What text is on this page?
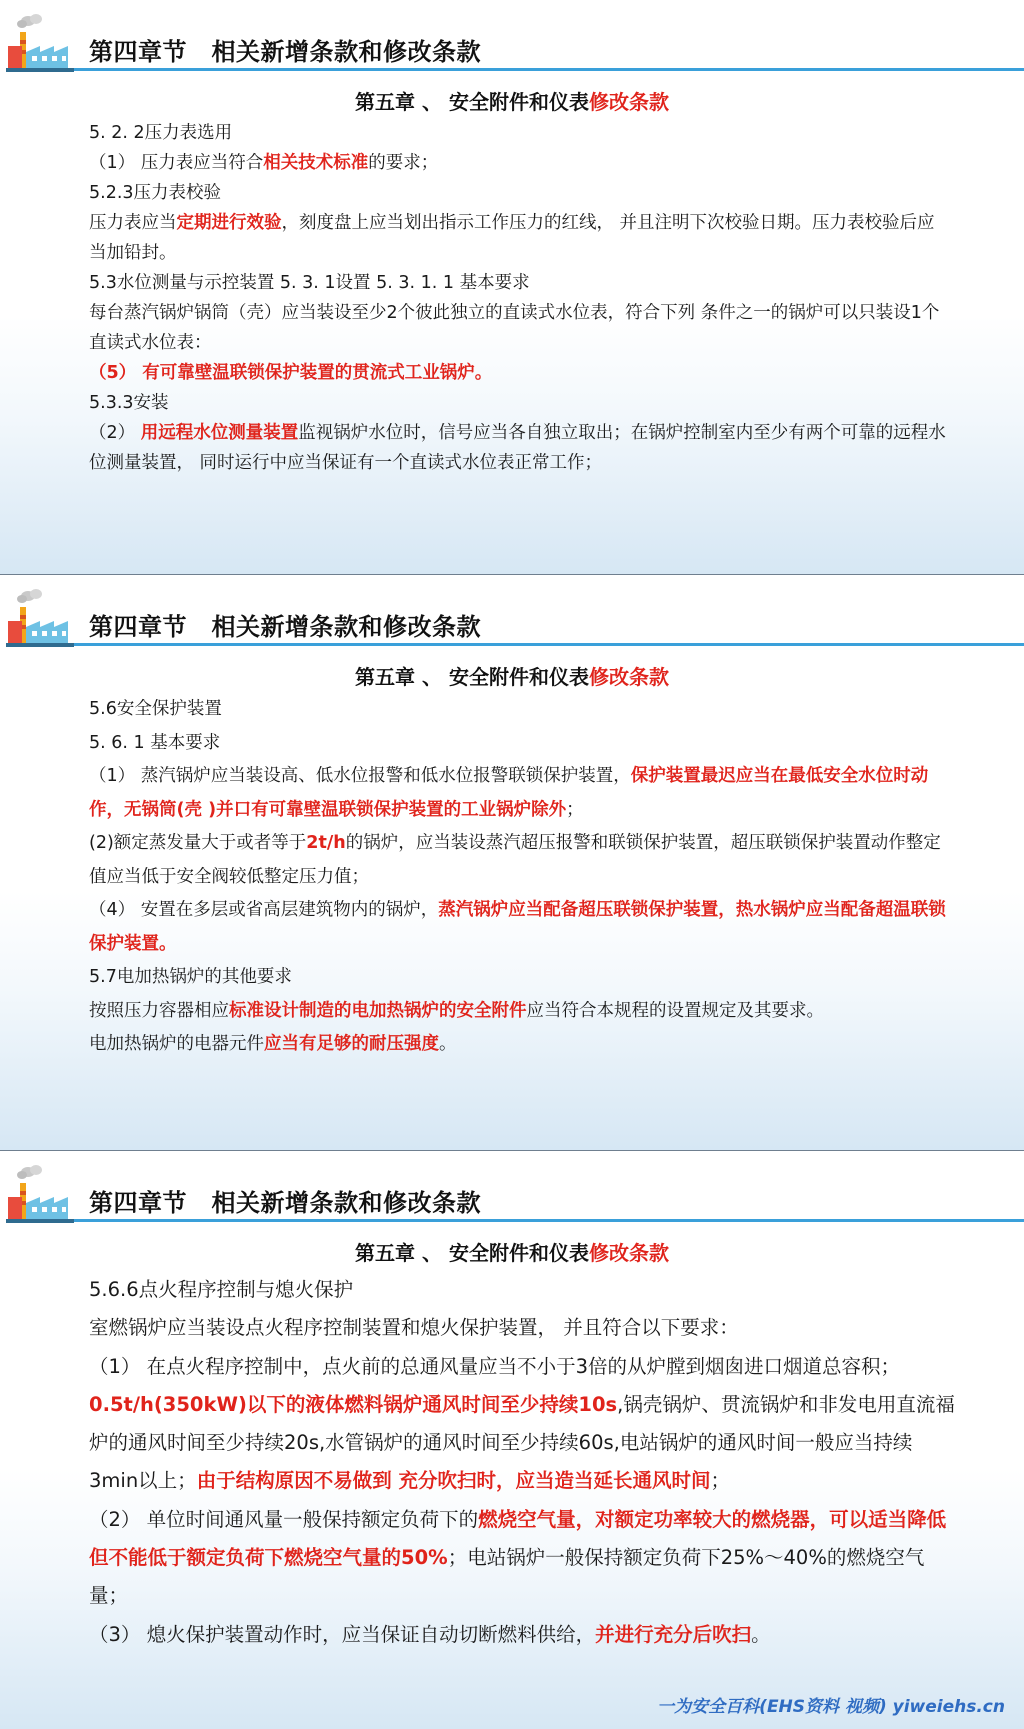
第四章节　相关新增条款和修改条款
第五章 、 安全附件和仪表修改条款

5. 2. 2压力表选用

（1） 压力表应当符合相关技术标准的要求；

5.2.3压力表校验

压力表应当定期进行效验，刻度盘上应当划出指示工作压力的红线， 并且注明下次校验日期。压力表校验后应当加铅封。

5.3水位测量与示控装置 5. 3. 1设置 5. 3. 1. 1 基本要求

每台蒸汽锅炉锅筒（壳）应当装设至少2个彼此独立的直读式水位表，符合下列 条件之一的锅炉可以只装设1个直读式水位表：

（5） 有可靠壁温联锁保护装置的贯流式工业锅炉。

5.3.3安装

（2） 用远程水位测量装置监视锅炉水位时，信号应当各自独立取出；在锅炉控制室内至少有两个可靠的远程水位测量装置， 同时运行中应当保证有一个直读式水位表正常工作；

第四章节　相关新增条款和修改条款
第五章 、 安全附件和仪表修改条款

5.6安全保护装置

5. 6. 1 基本要求

（1） 蒸汽锅炉应当装设高、低水位报警和低水位报警联锁保护装置，保护装置最迟应当在最低安全水位时动作，无锅筒(壳 )并口有可靠壁温联锁保护装置的工业锅炉除外；

(2)额定蒸发量大于或者等于2t/h的锅炉，应当装设蒸汽超压报警和联锁保护装置，超压联锁保护装置动作整定值应当低于安全阀较低整定压力值；

（4） 安置在多层或省高层建筑物内的锅炉，蒸汽锅炉应当配备超压联锁保护装置，热水锅炉应当配备超温联锁保护装置。

5.7电加热锅炉的其他要求

按照压力容器相应标准设计制造的电加热锅炉的安全附件应当符合本规程的设置规定及其要求。

电加热锅炉的电器元件应当有足够的耐压强度。

第四章节　相关新增条款和修改条款
第五章 、 安全附件和仪表修改条款

5.6.6点火程序控制与熄火保护

室燃锅炉应当装设点火程序控制装置和熄火保护装置， 并且符合以下要求：

（1） 在点火程序控制中，点火前的总通风量应当不小于3倍的从炉膛到烟囱进口烟道总容积； 0.5t/h(350kW)以下的液体燃料锅炉通风时间至少持续10s,锅壳锅炉、贯流锅炉和非发电用直流福炉的通风时间至少持续20s,水管锅炉的通风时间至少持续60s,电站锅炉的通风时间一般应当持续3min以上；由于结构原因不易做到 充分吹扫时，应当造当延长通风时间；

（2） 单位时间通风量一般保持额定负荷下的燃烧空气量，对额定功率较大的燃烧器，可以适当降低但不能低于额定负荷下燃烧空气量的50%；电站锅炉一般保持额定负荷下25%～40%的燃烧空气量；

（3） 熄火保护装置动作时，应当保证自动切断燃料供给，并进行充分后吹扫。

一为安全百科(EHS资料 视频) yiweiehs.cn
